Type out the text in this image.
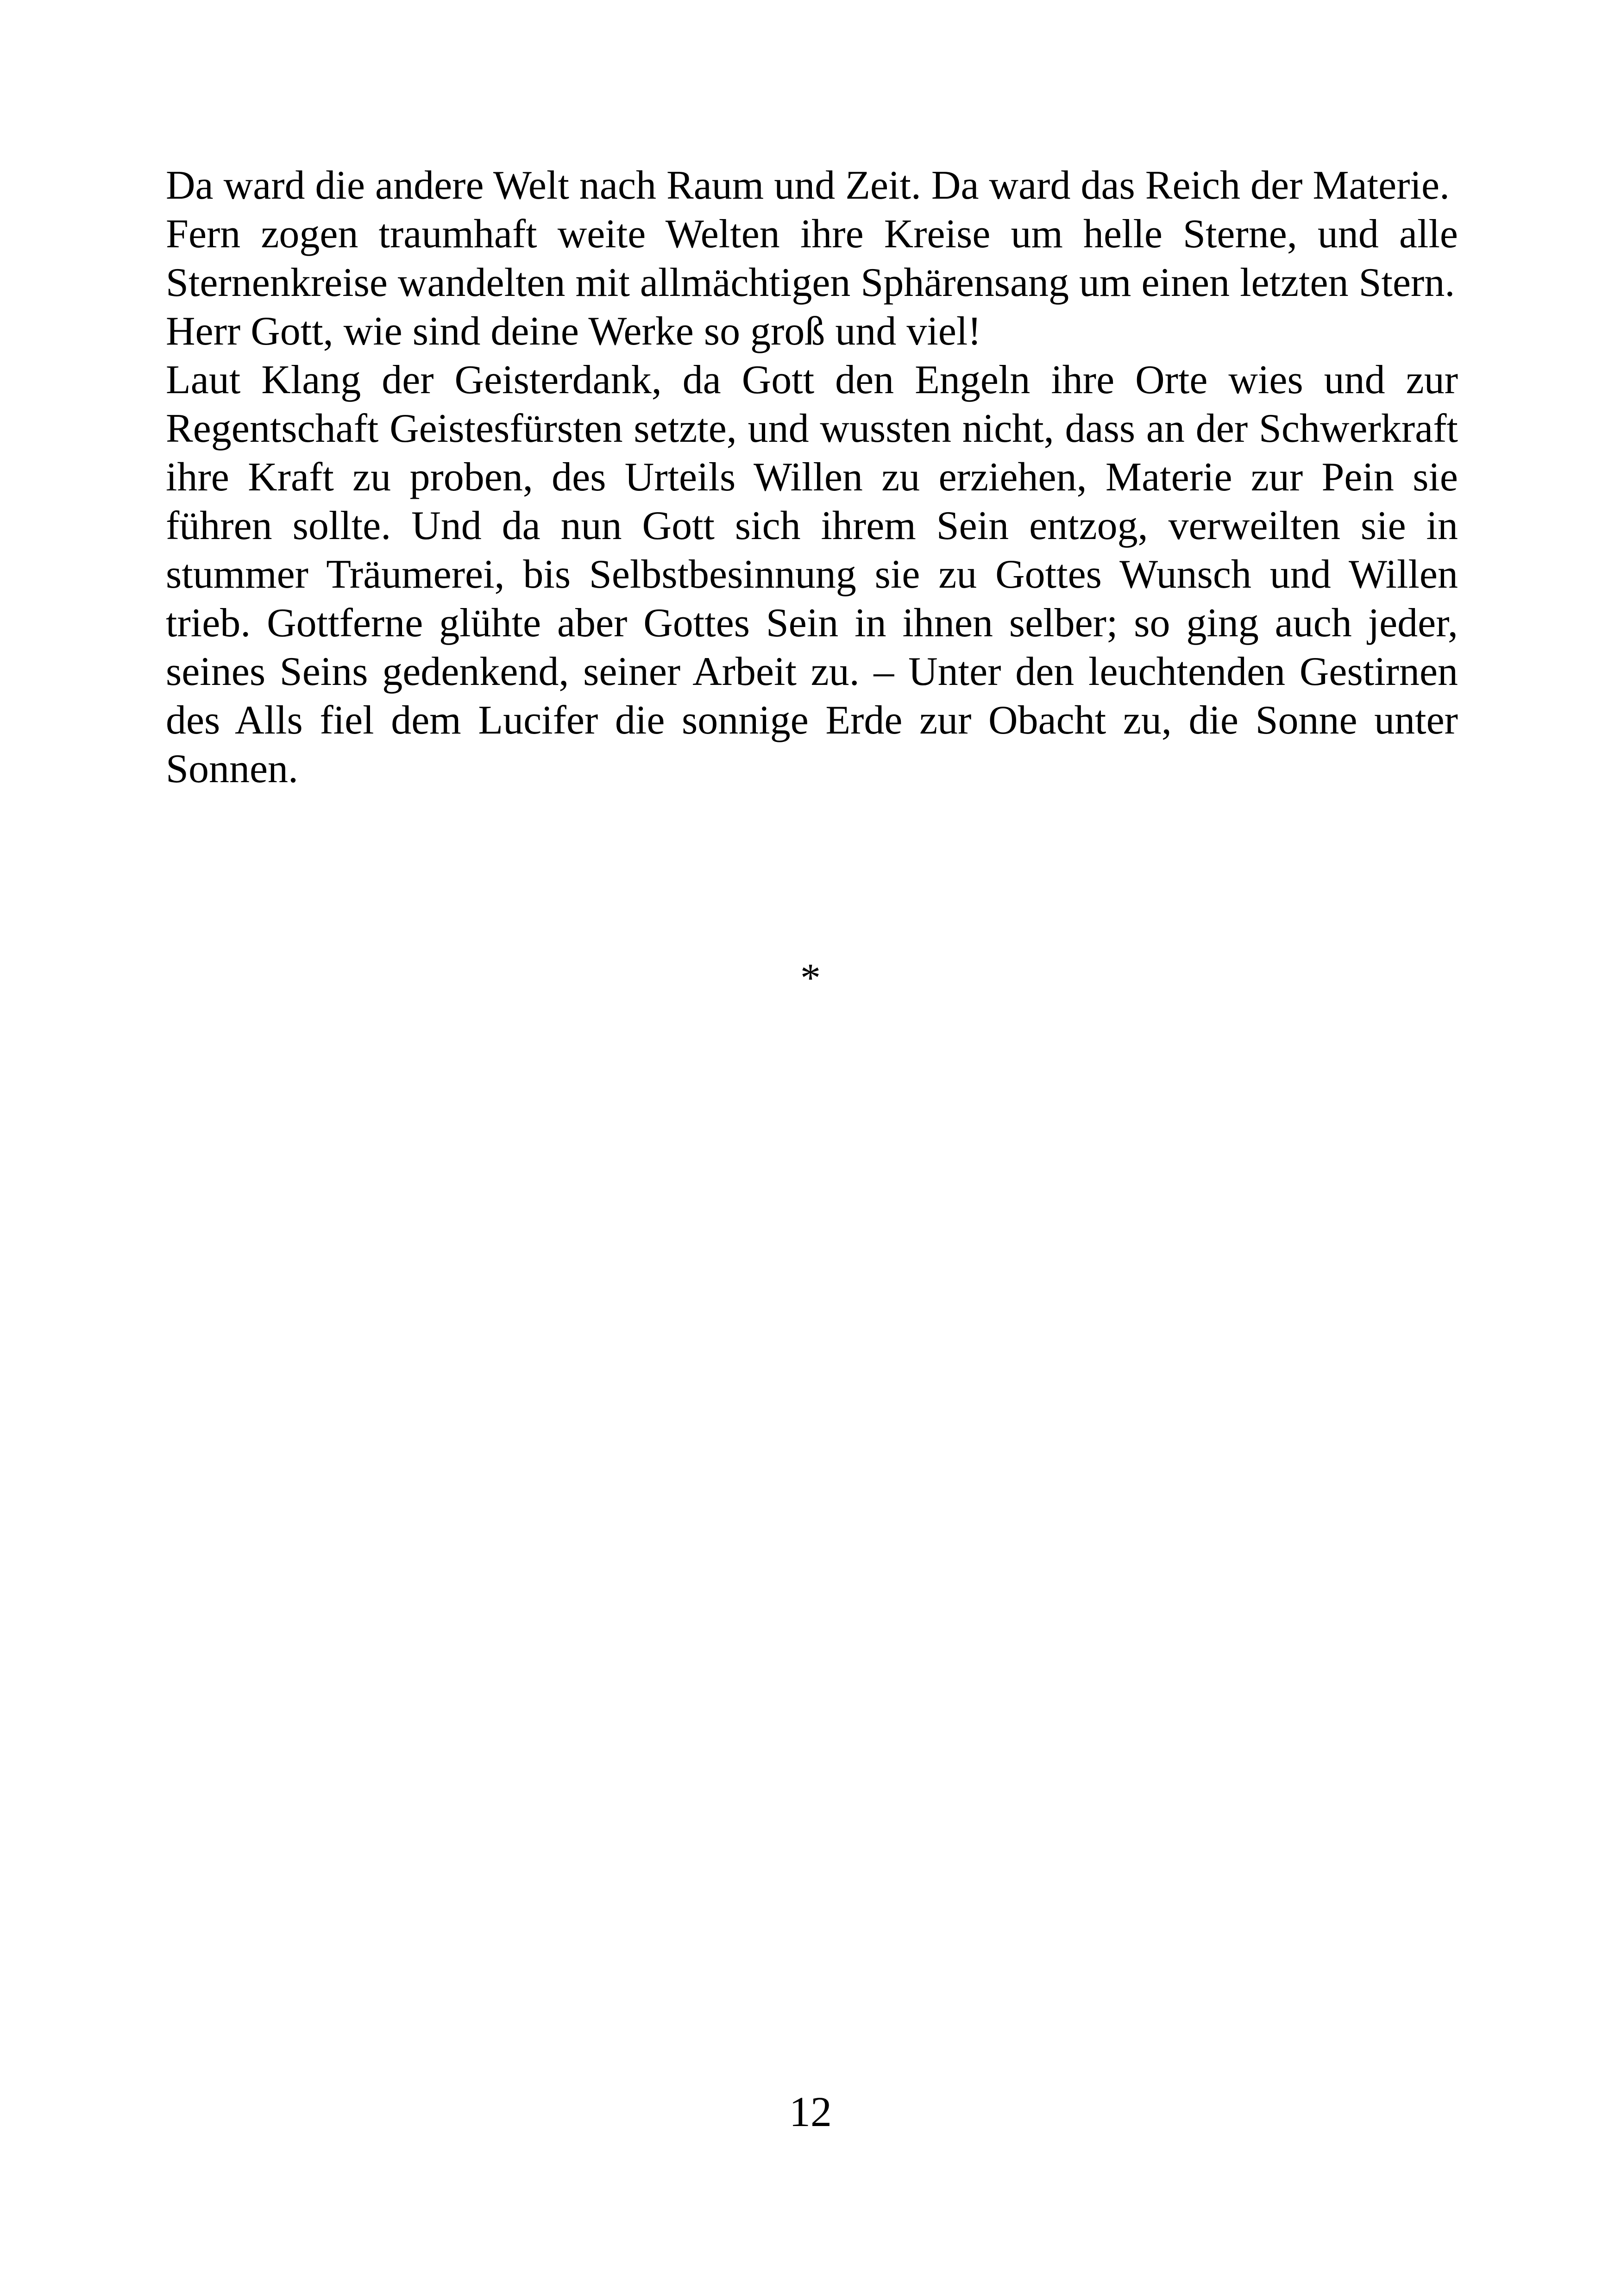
Da ward die andere Welt nach Raum und Zeit. Da ward das Reich der Materie.

Fern zogen traumhaft weite Welten ihre Kreise um helle Sterne, und alle Sternenkreise wandelten mit allmächtigen Sphärensang um einen letzten Stern.

Herr Gott, wie sind deine Werke so groß und viel!

Laut Klang der Geisterdank, da Gott den Engeln ihre Orte wies und zur Regentschaft Geistesfürsten setzte, und wussten nicht, dass an der Schwerkraft ihre Kraft zu proben, des Urteils Willen zu erziehen, Materie zur Pein sie führen sollte. Und da nun Gott sich ihrem Sein entzog, verweilten sie in stummer Träumerei, bis Selbstbesinnung sie zu Gottes Wunsch und Willen trieb. Gottferne glühte aber Gottes Sein in ihnen selber; so ging auch jeder, seines Seins gedenkend, seiner Arbeit zu. – Unter den leuchtenden Gestirnen des Alls fiel dem Lucifer die sonnige Erde zur Obacht zu, die Sonne unter Sonnen.

*
12
